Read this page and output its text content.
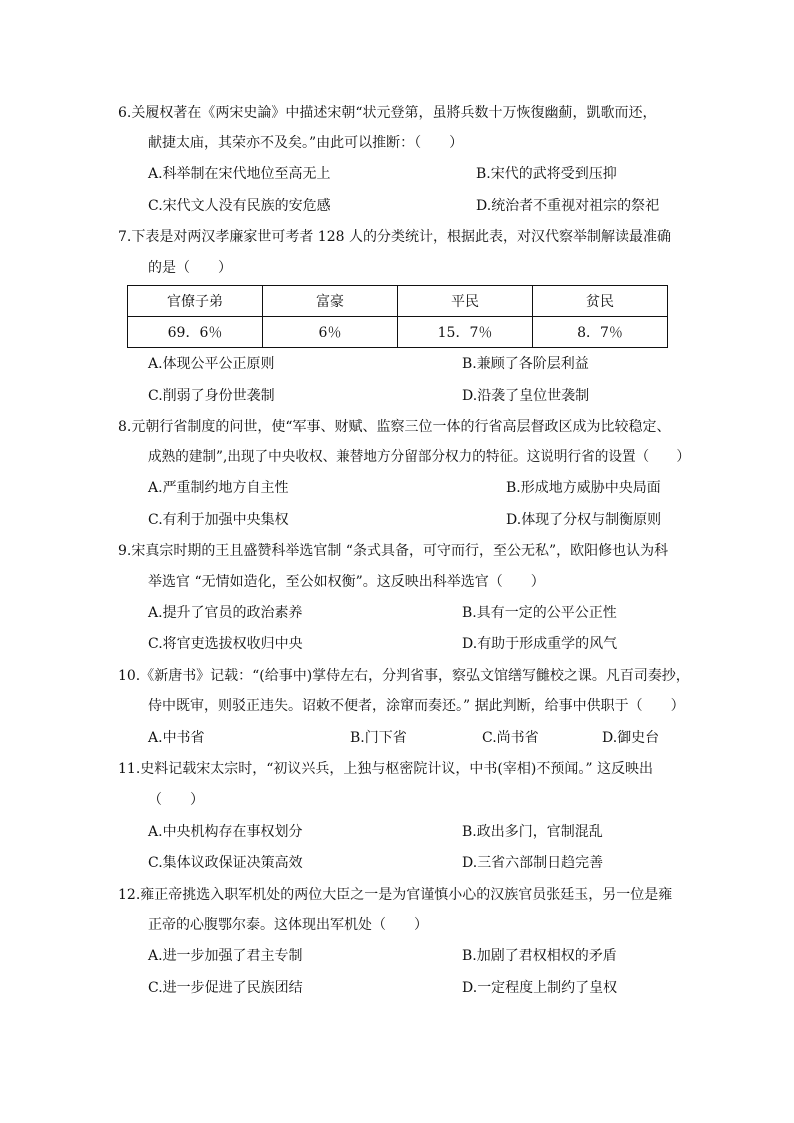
6.关履权著在《两宋史論》中描述宋朝“状元登第，虽將兵数十万恢復幽薊，凱歌而还，
献捷太庙，其荣亦不及矣。”由此可以推断：（　　）
A.科举制在宋代地位至高无上	B.宋代的武将受到压抑
C.宋代文人没有民族的安危感	D.统治者不重视对祖宗的祭祀
7.下表是对两汉孝廉家世可考者 128 人的分类统计，根据此表，对汉代察举制解读最准确
的是（　　）
官僚子弟	富豪	平民	贫民
69．6％	6％	15．7％	8．7％
A.体现公平公正原则	B.兼顾了各阶层利益
C.削弱了身份世袭制	D.沿袭了皇位世袭制
8.元朝行省制度的问世，使“军事、财赋、监察三位一体的行省高层督政区成为比较稳定、
成熟的建制”,出现了中央收权、兼替地方分留部分权力的特征。这说明行省的设置（　　）
A.严重制约地方自主性	B.形成地方威胁中央局面
C.有利于加强中央集权	D.体现了分权与制衡原则
9.宋真宗时期的王且盛赞科举选官制 “条式具备，可守而行，至公无私”，欧阳修也认为科
举选官 “无情如造化，至公如权衡”。这反映出科举选官（　　）
A.提升了官员的政治素养	B.具有一定的公平公正性
C.将官吏选拔权收归中央	D.有助于形成重学的风气
10.《新唐书》记载：“(给事中)掌侍左右，分判省事，察弘文馆缮写雠校之课。凡百司奏抄，
侍中既审，则驳正违失。诏敕不便者，涂窜而奏还。” 据此判断，给事中供职于（　　）
A.中书省	B.门下省	C.尚书省	D.御史台
11.史料记载宋太宗时，“初议兴兵，上独与枢密院计议，中书(宰相)不预闻。” 这反映出
（　　）
A.中央机构存在事权划分	B.政出多门，官制混乱
C.集体议政保证决策高效	D.三省六部制日趋完善
12.雍正帝挑选入职军机处的两位大臣之一是为官谨慎小心的汉族官员张廷玉，另一位是雍
正帝的心腹鄂尔泰。这体现出军机处（　　）
A.进一步加强了君主专制	B.加剧了君权相权的矛盾
C.进一步促进了民族团结	D.一定程度上制约了皇权
